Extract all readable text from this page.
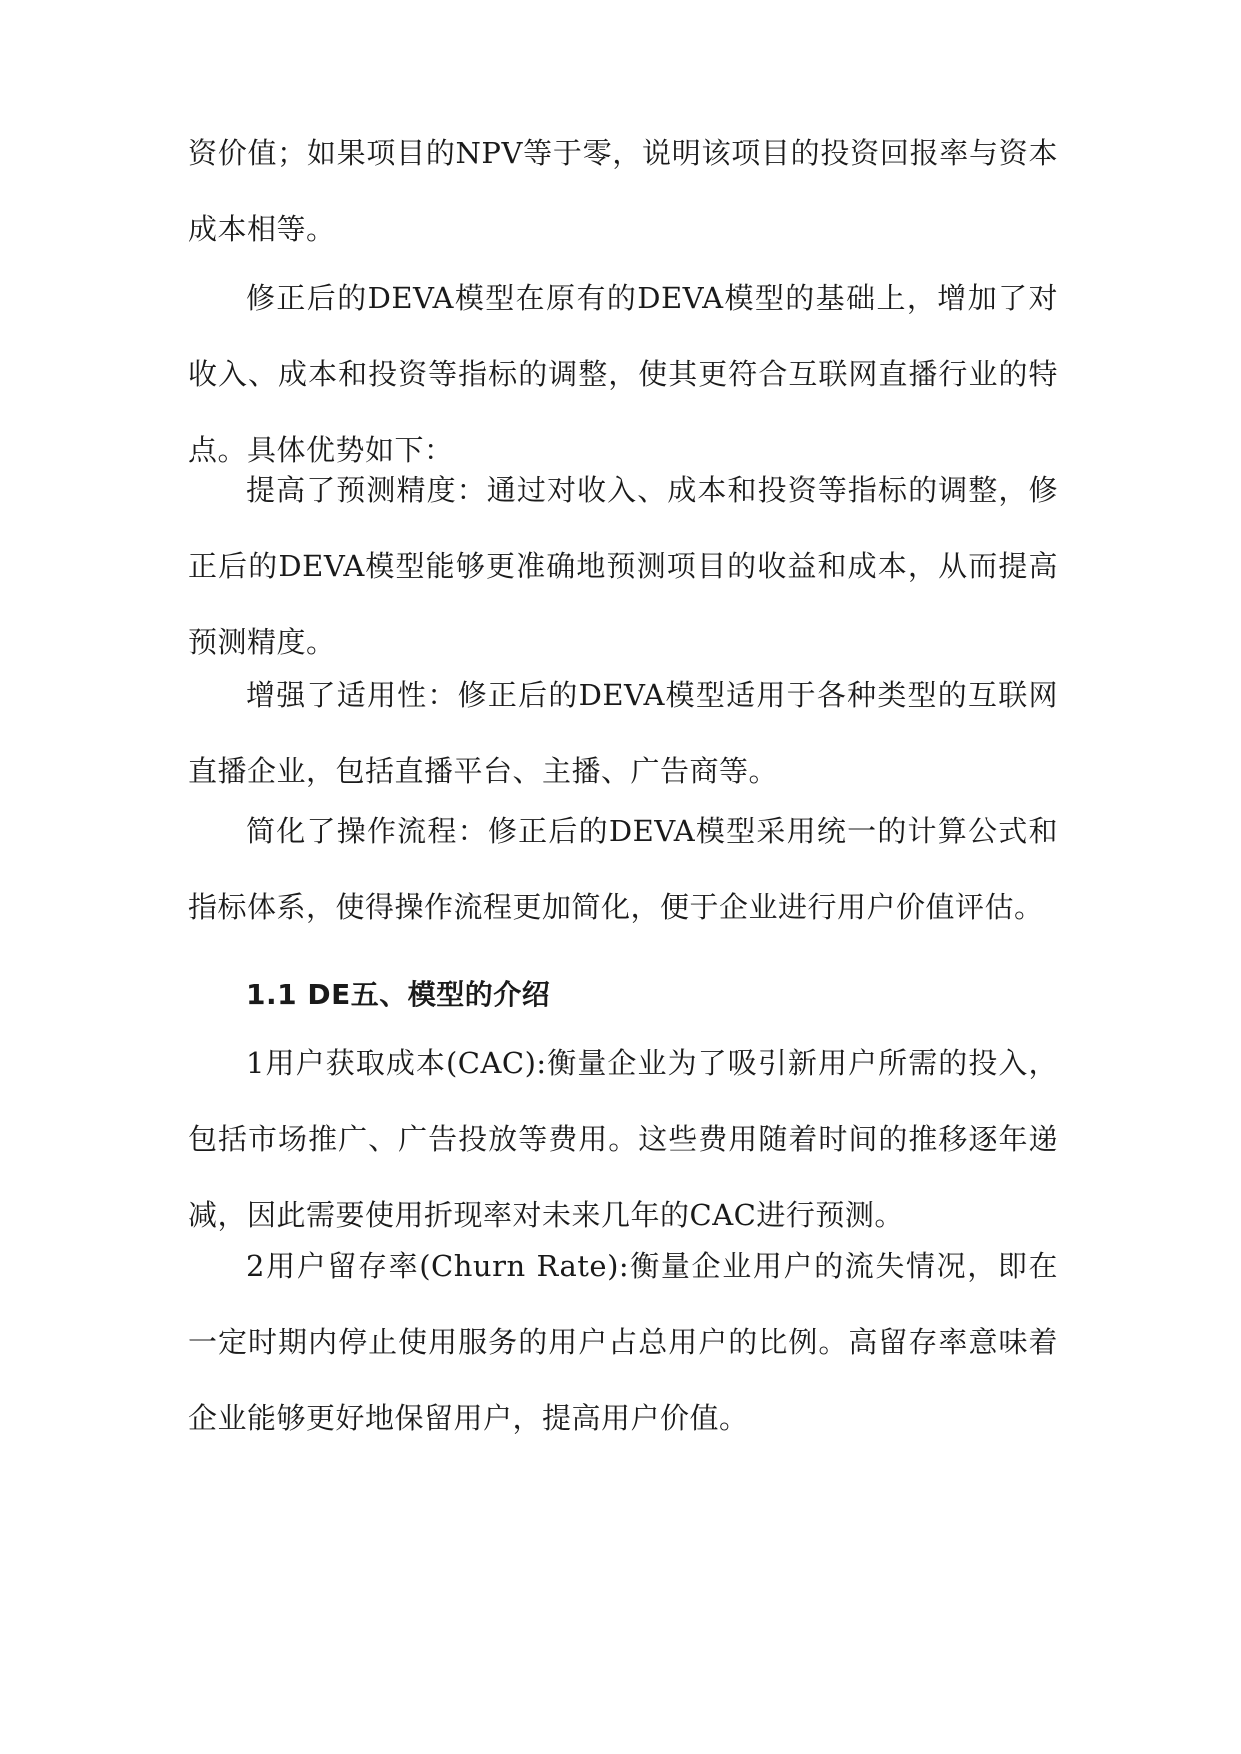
资价值；如果项目的NPV等于零，说明该项目的投资回报率与资本成本相等。

修正后的DEVA模型在原有的DEVA模型的基础上，增加了对收入、成本和投资等指标的调整，使其更符合互联网直播行业的特点。具体优势如下：

提高了预测精度：通过对收入、成本和投资等指标的调整，修正后的DEVA模型能够更准确地预测项目的收益和成本，从而提高预测精度。

增强了适用性：修正后的DEVA模型适用于各种类型的互联网直播企业，包括直播平台、主播、广告商等。

简化了操作流程：修正后的DEVA模型采用统一的计算公式和指标体系，使得操作流程更加简化，便于企业进行用户价值评估。

1.1 DE五、模型的介绍

1用户获取成本(CAC):衡量企业为了吸引新用户所需的投入，包括市场推广、广告投放等费用。这些费用随着时间的推移逐年递减，因此需要使用折现率对未来几年的CAC进行预测。

2用户留存率(Churn Rate):衡量企业用户的流失情况，即在一定时期内停止使用服务的用户占总用户的比例。高留存率意味着企业能够更好地保留用户，提高用户价值。
